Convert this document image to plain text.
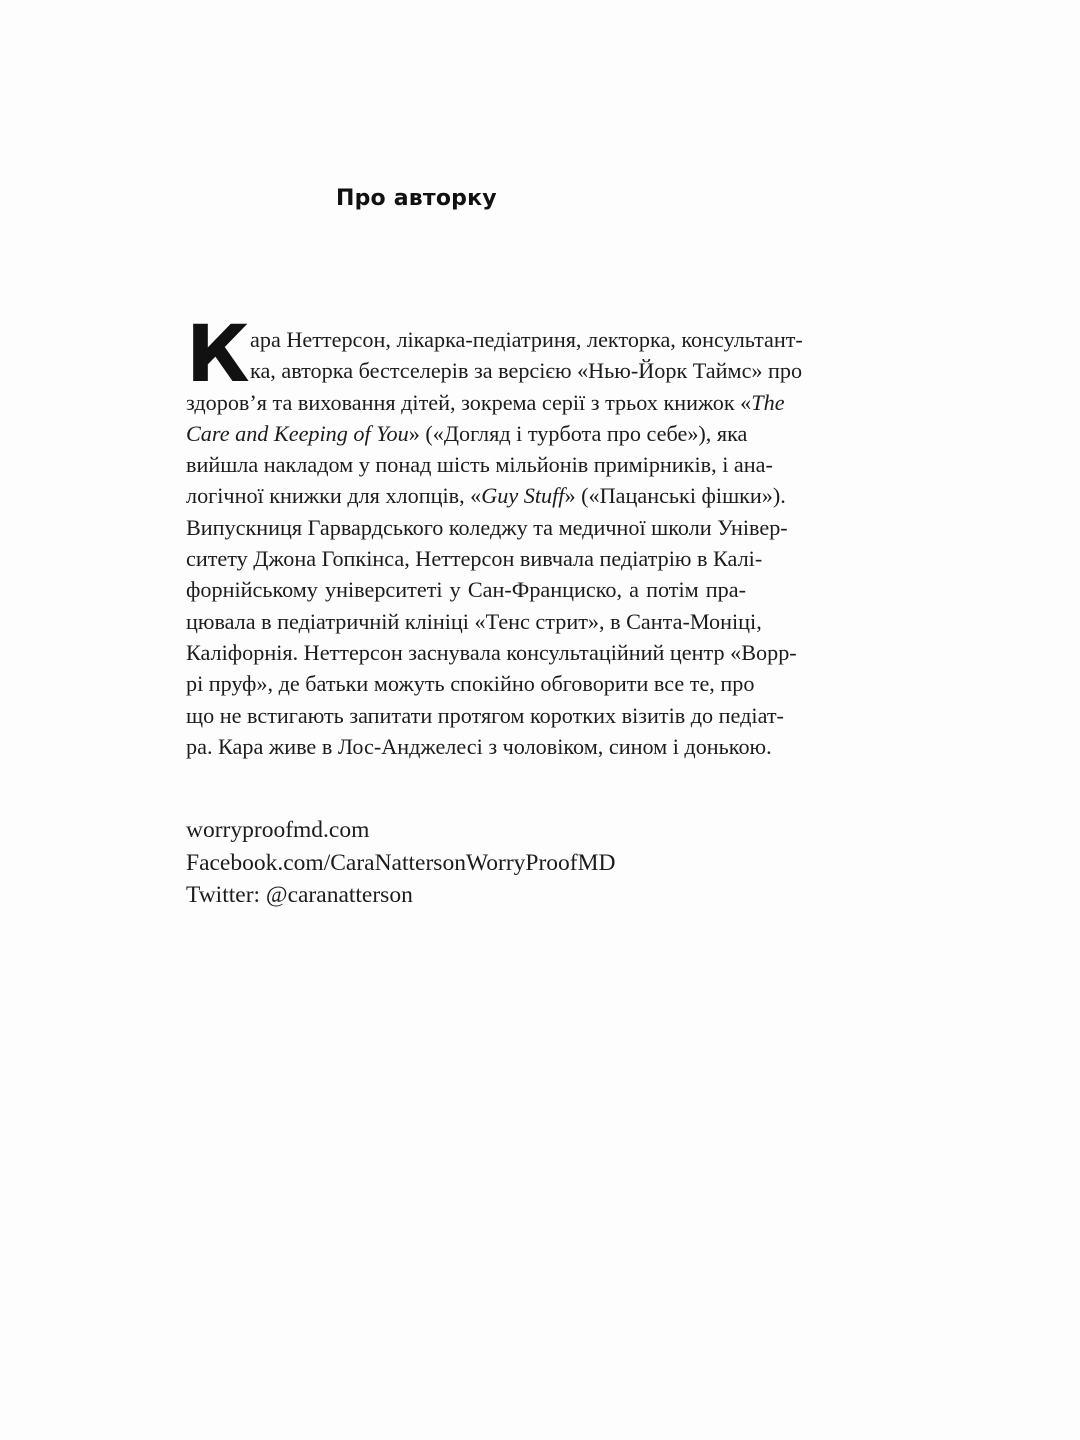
Про авторку
К ара Неттерсон, лікарка-педіатриня, лекторка, консультант-
ка, авторка бестселерів за версією «Нью-Йорк Таймс» про
здоров’я та виховання дітей, зокрема серії з трьох книжок «The
Care and Keeping of You» («Догляд і турбота про себе»), яка
вийшла накладом у понад шість мільйонів примірників, і ана-
логічної книжки для хлопців, «Guy Stuff» («Пацанські фішки»).
Випускниця Гарвардського коледжу та медичної школи Універ-
ситету Джона Гопкінса, Неттерсон вивчала педіатрію в Калі-
форнійському університеті у Сан-Франциско, а потім пра-
цювала в педіатричній клініці «Тенс стрит», в Санта-Моніці,
Каліфорнія. Неттерсон заснувала консультаційний центр «Ворр-
рі пруф», де батьки можуть спокійно обговорити все те, про
що не встигають запитати протягом коротких візитів до педіат-
ра. Кара живе в Лос-Анджелесі з чоловіком, сином і донькою.
worryproofmd.com
Facebook.com/CaraNattersonWorryProofMD
Twitter: @caranatterson
